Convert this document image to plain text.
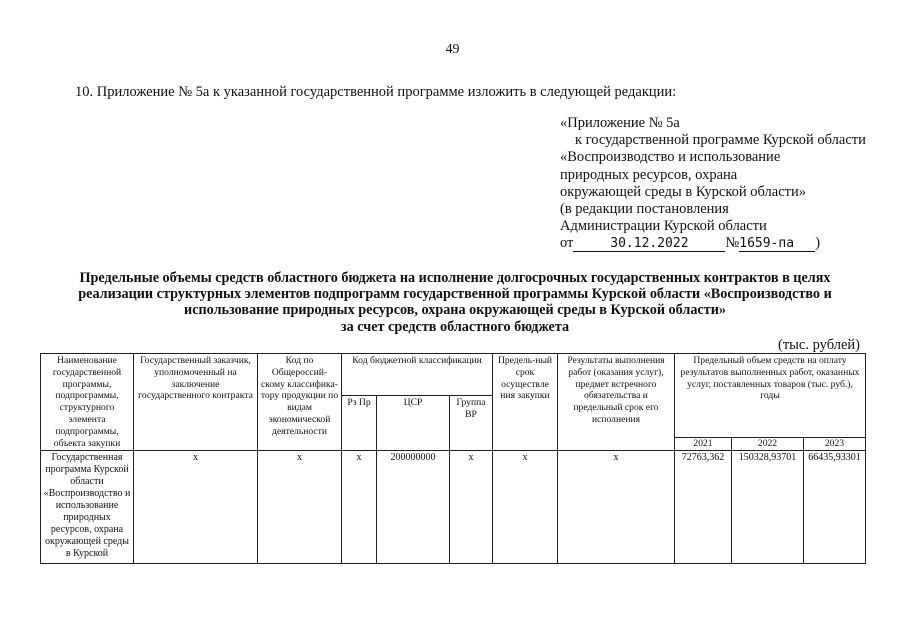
49
10. Приложение № 5а к указанной государственной программе изложить в следующей редакции:
«Приложение № 5а
к государственной программе Курской области
«Воспроизводство и использование
природных ресурсов, охрана
окружающей среды в Курской области»
(в редакции постановления
Администрации Курской области
от	30.12.2022	№1659-па )
Предельные объемы средств областного бюджета на исполнение долгосрочных государственных контрактов в целях
реализации структурных элементов подпрограмм государственной программы Курской области «Воспроизводство и
использование природных ресурсов, охрана окружающей среды в Курской области»
за счет средств областного бюджета
(тыс. рублей)
Наименование государственной программы, подпрограммы, структурного элемента подпрограммы, объекта закупки	Государственный заказчик, уполномоченный на заключение государственного контракта	Код по Общероссий-скому классифика-тору продукции по видам экономической деятельности	Код бюджетной классификации			Предель-ный срок осуществле ния закупки	Результаты выполнения работ (оказания услуг), предмет встречного обязательства и предельный срок его исполнения	Предельный объем средств на оплату результатов выполненных работ, оказанных услуг, поставленных товаров (тыс. руб.), годы		
			Рз Пр	ЦСР	Группа ВР					
								2021	2022	2023
Государственная программа Курской области «Воспроизводство и использование природных ресурсов, охрана окружающей среды в Курской	х	х	х	200000000	х	х	х	72763,362	150328,93701	66435,93301
